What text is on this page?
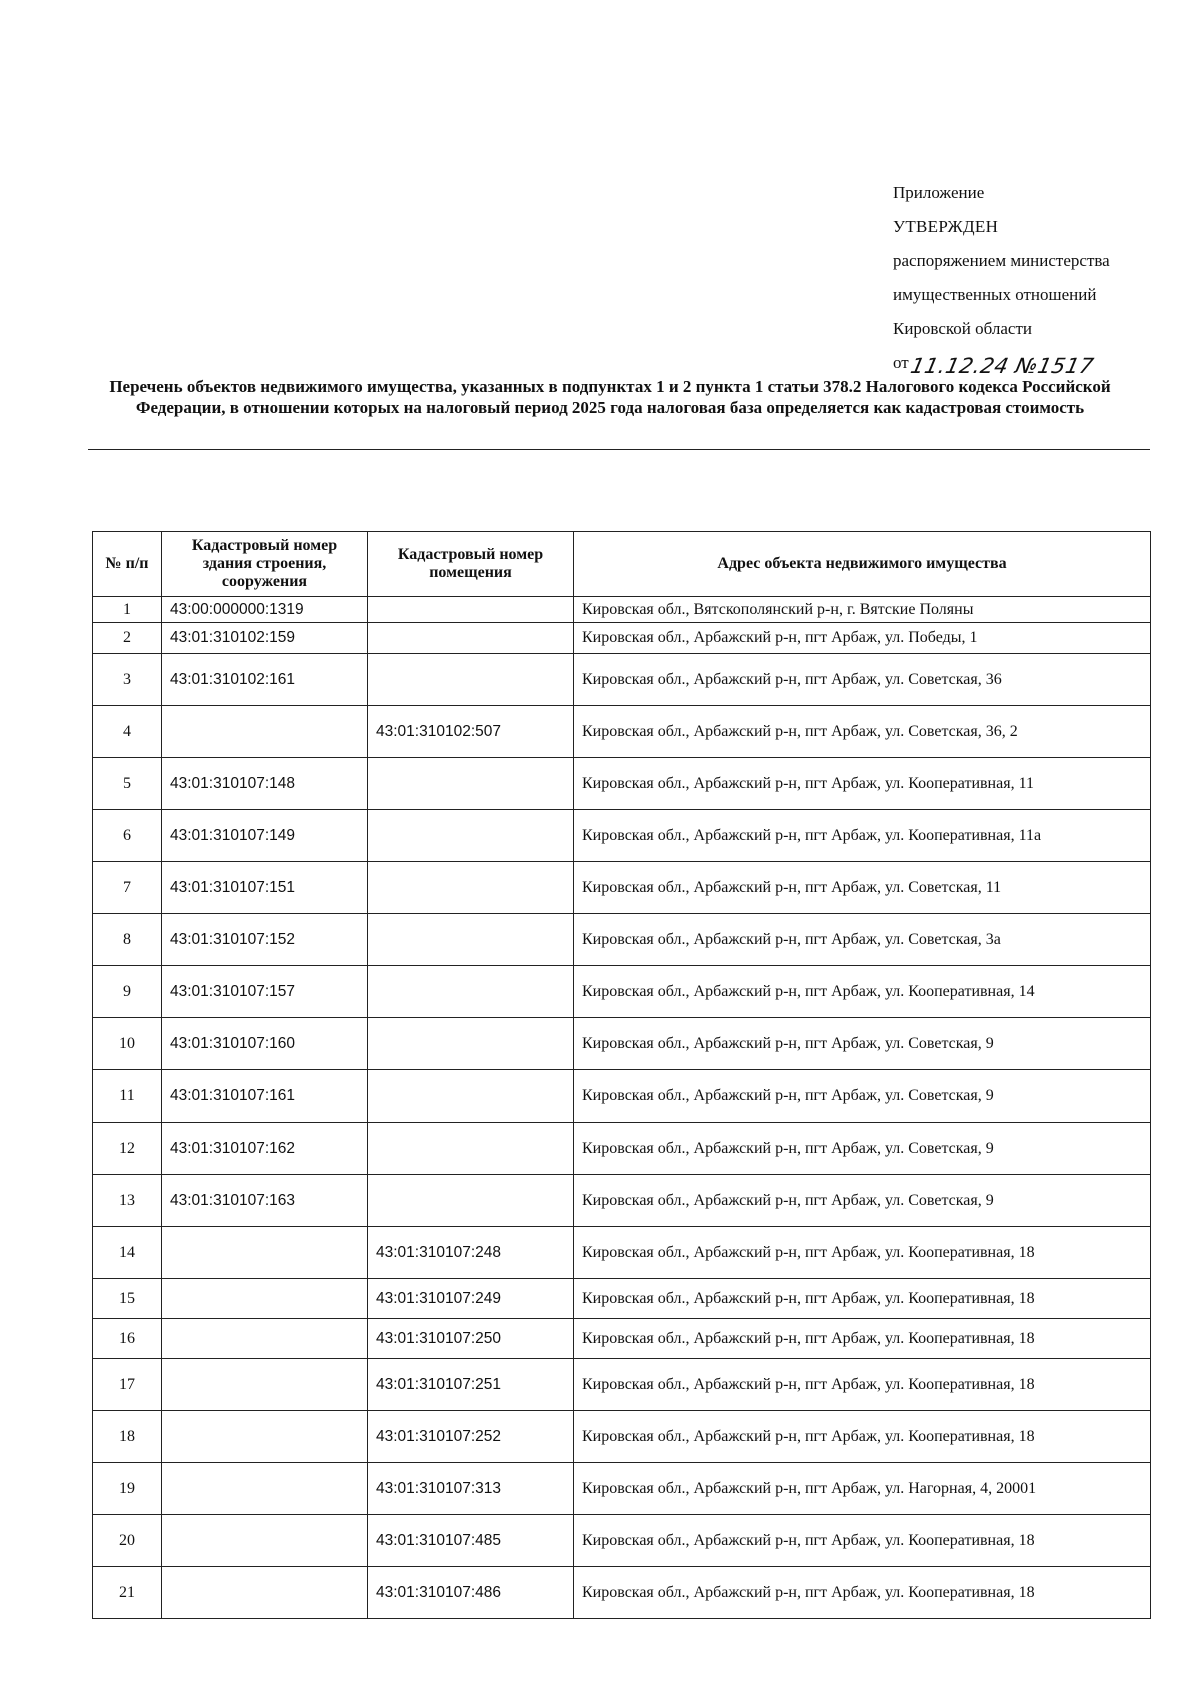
Приложение
УТВЕРЖДЕН
распоряжением министерства
имущественных отношений
Кировской области
от 11.12.24 №1517
Перечень объектов недвижимого имущества, указанных в подпунктах 1 и 2 пункта 1 статьи 378.2 Налогового кодекса Российской Федерации, в отношении которых на налоговый период 2025 года налоговая база определяется как кадастровая стоимость
№ п/п	Кадастровый номер здания строения, сооружения	Кадастровый номер помещения	Адрес объекта недвижимого имущества
1	43:00:000000:1319		Кировская обл., Вятскополянский р-н, г. Вятские Поляны
2	43:01:310102:159		Кировская обл., Арбажский р-н, пгт Арбаж, ул. Победы, 1
3	43:01:310102:161		Кировская обл., Арбажский р-н, пгт Арбаж, ул. Советская, 36
4		43:01:310102:507	Кировская обл., Арбажский р-н, пгт Арбаж, ул. Советская, 36, 2
5	43:01:310107:148		Кировская обл., Арбажский р-н, пгт Арбаж, ул. Кооперативная, 11
6	43:01:310107:149		Кировская обл., Арбажский р-н, пгт Арбаж, ул. Кооперативная, 11а
7	43:01:310107:151		Кировская обл., Арбажский р-н, пгт Арбаж, ул. Советская, 11
8	43:01:310107:152		Кировская обл., Арбажский р-н, пгт Арбаж, ул. Советская, 3а
9	43:01:310107:157		Кировская обл., Арбажский р-н, пгт Арбаж, ул. Кооперативная, 14
10	43:01:310107:160		Кировская обл., Арбажский р-н, пгт Арбаж, ул. Советская, 9
11	43:01:310107:161		Кировская обл., Арбажский р-н, пгт Арбаж, ул. Советская, 9
12	43:01:310107:162		Кировская обл., Арбажский р-н, пгт Арбаж, ул. Советская, 9
13	43:01:310107:163		Кировская обл., Арбажский р-н, пгт Арбаж, ул. Советская, 9
14		43:01:310107:248	Кировская обл., Арбажский р-н, пгт Арбаж, ул. Кооперативная, 18
15		43:01:310107:249	Кировская обл., Арбажский р-н, пгт Арбаж, ул. Кооперативная, 18
16		43:01:310107:250	Кировская обл., Арбажский р-н, пгт Арбаж, ул. Кооперативная, 18
17		43:01:310107:251	Кировская обл., Арбажский р-н, пгт Арбаж, ул. Кооперативная, 18
18		43:01:310107:252	Кировская обл., Арбажский р-н, пгт Арбаж, ул. Кооперативная, 18
19		43:01:310107:313	Кировская обл., Арбажский р-н, пгт Арбаж, ул. Нагорная, 4, 20001
20		43:01:310107:485	Кировская обл., Арбажский р-н, пгт Арбаж, ул. Кооперативная, 18
21		43:01:310107:486	Кировская обл., Арбажский р-н, пгт Арбаж, ул. Кооперативная, 18
